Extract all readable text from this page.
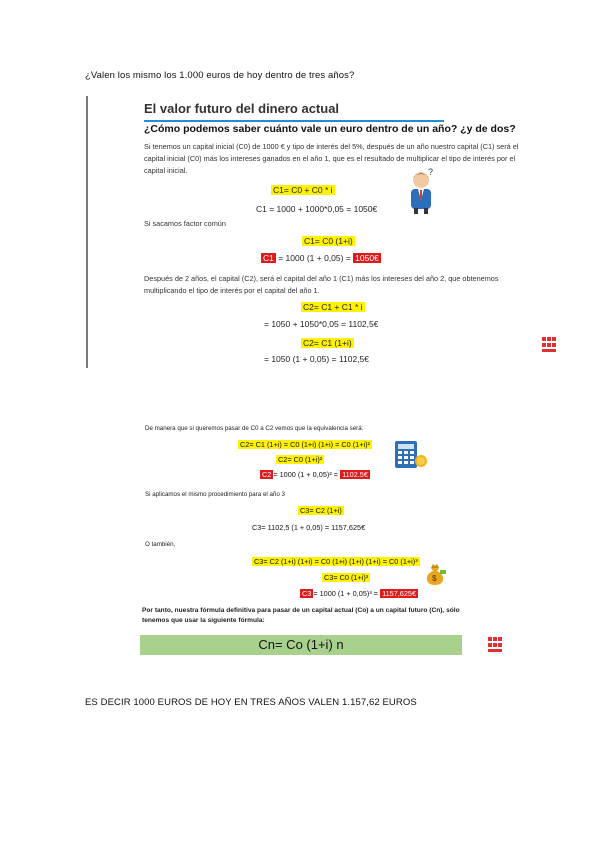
¿Valen los mismo los 1.000 euros de hoy dentro de tres años?
El valor futuro del dinero actual
¿Cómo podemos saber cuánto vale un euro dentro de un año? ¿y de dos?
Si tenemos un capital inicial (C0) de 1000 € y tipo de interés del 5%, después de un año nuestro capital (C1) será el capital inicial (C0) más los intereses ganados en el año 1, que es el resultado de multiplicar el tipo de interés por el capital inicial.
C1= C0 + C0 * i
C1 = 1000 + 1000*0,05 = 1050€
?
Si sacamos factor común
C1= C0 (1+i)
C1 = 1000 (1 + 0,05) = 1050€
Después de 2 años, el capital (C2), será el capital del año 1 (C1) más los intereses del año 2, que obtenemos multiplicando el tipo de interés por el capital del año 1.
C2= C1 + C1 * i
= 1050 + 1050*0,05 = 1102,5€
C2= C1 (1+i)
= 1050 (1 + 0,05) = 1102,5€
De manera que si queremos pasar de C0 a C2 vemos que la equivalencia será:
C2= C1 (1+i) = C0 (1+i) (1+i) = C0 (1+i)²
C2= C0 (1+i)²
C2 = 1000 (1 + 0,05)² = 1102.5€
Si aplicamos el mismo procedimiento para el año 3
C3= C2 (1+i)
C3= 1102,5 (1 + 0,05) = 1157,625€
O también,
C3= C2 (1+i) (1+i) = C0 (1+i) (1+i) (1+i) = C0 (1+i)³
C3= C0 (1+i)³
C3 = 1000 (1 + 0,05)³ = 1157,625€
$
Por tanto, nuestra fórmula definitiva para pasar de un capital actual (Co) a un capital futuro (Cn), sólo tenemos que usar la siguiente fórmula:
Cn= Co (1+i) n
ES DECIR 1000 EUROS DE HOY EN TRES AÑOS VALEN 1.157,62 EUROS
